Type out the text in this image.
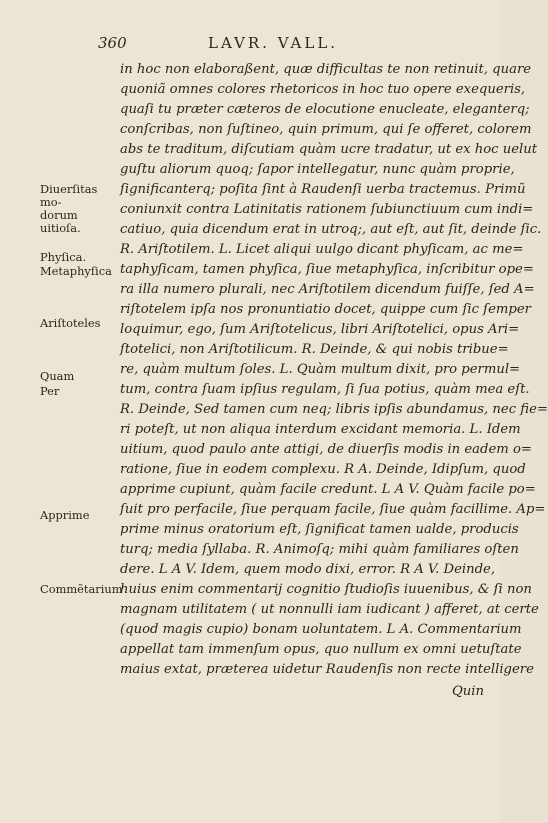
360	LAVR. VALL.
Diuerſitas mo-
dorum uitioſa.
Phyſica.
Metaphyſica
Ariſtoteles
Quam
Per
Apprime
Commẽtarium
in hoc non elaboraßent, quæ difficultas te non retinuit, quare
quoniã omnes colores rhetoricos in hoc tuo opere exequeris,
quaſi tu præter cæteros de elocutione enucleate, eleganterq;
conſcribas, non ſuſtineo, quin primum, qui ſe offeret, colorem
abs te traditum, diſcutiam quàm ucre tradatur, ut ex hoc uelut
guſtu aliorum quoq; ſapor intellegatur, nunc quàm proprie,
ſignificanterq; poſita ſint à Raudenſi uerba tractemus. Primũ
coniunxit contra Latinitatis rationem ſubiunctiuum cum indi=
catiuo, quia dicendum erat in utroq;, aut eſt, aut ſit, deinde ſic.
R. Ariſtotilem. L. Licet aliqui uulgo dicant phyſicam, ac me=
taphyſicam, tamen phyſica, ſiue metaphyſica, inſcribitur ope=
ra illa numero plurali, nec Ariſtotilem dicendum fuiſſe, ſed A=
riſtotelem ipſa nos pronuntiatio docet, quippe cum ſic ſemper
loquimur, ego, ſum Ariſtotelicus, libri Ariſtotelici, opus Ari=
ſtotelici, non Ariſtotilicum. R. Deinde, & qui nobis tribue=
re, quàm multum ſoles. L. Quàm multum dixit, pro permul=
tum, contra ſuam ipſius regulam, ſi ſua potius, quàm mea eſt.
R. Deinde, Sed tamen cum neq; libris ipſis abundamus, nec fie=
ri poteſt, ut non aliqua interdum excidant memoria. L. Idem
uitium, quod paulo ante attigi, de diuerſis modis in eadem o=
ratione, ſiue in eodem complexu. R A. Deinde, Idipſum, quod
apprime cupiunt, quàm facile credunt. L A V. Quàm facile po=
ſuit pro perfacile, ſiue perquam facile, ſiue quàm facillime. Ap=
prime minus oratorium eſt, ſignificat tamen ualde, producis
turq; media ſyllaba. R. Animoſq; mihi quàm familiares oſten
dere. L A V. Idem, quem modo dixi, error. R A V. Deinde,
huius enim commentarij cognitio ſtudioſis iuuenibus, & ſi non
magnam utilitatem ( ut nonnulli iam iudicant ) afferet, at certe
(quod magis cupio) bonam uoluntatem. L A. Commentarium
appellat tam immenſum opus, quo nullum ex omni uetuſtate
maius extat, præterea uidetur Raudenſis non recte intelligere
Quin
